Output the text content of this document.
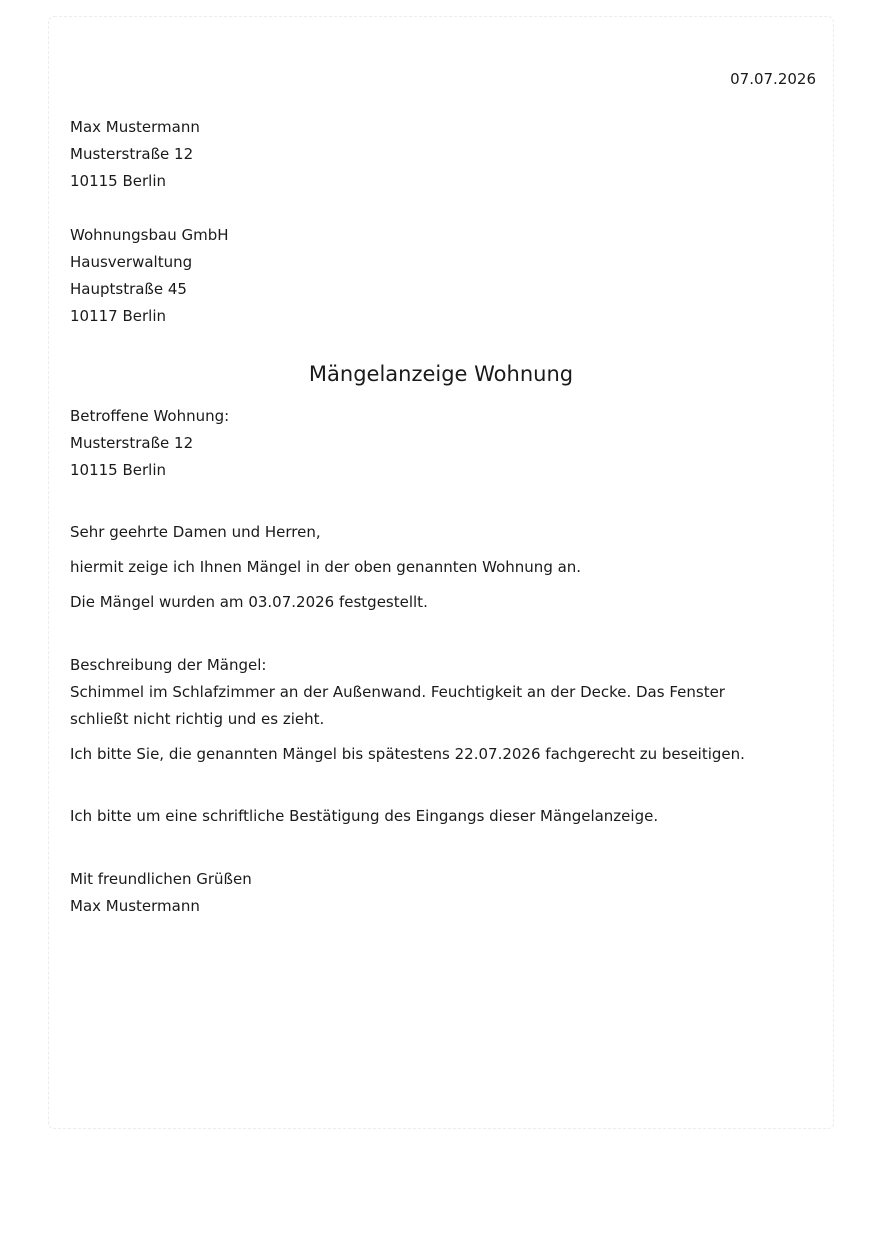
07.07.2026
Max Mustermann
Musterstraße 12
10115 Berlin
Wohnungsbau GmbH
Hausverwaltung
Hauptstraße 45
10117 Berlin
Mängelanzeige Wohnung
Betroffene Wohnung:
Musterstraße 12
10115 Berlin

Sehr geehrte Damen und Herren,

hiermit zeige ich Ihnen Mängel in der oben genannten Wohnung an.

Die Mängel wurden am 03.07.2026 festgestellt.

Beschreibung der Mängel:

Schimmel im Schlafzimmer an der Außenwand. Feuchtigkeit an der Decke. Das Fenster schließt nicht richtig und es zieht.

Ich bitte Sie, die genannten Mängel bis spätestens 22.07.2026 fachgerecht zu beseitigen.

Ich bitte um eine schriftliche Bestätigung des Eingangs dieser Mängelanzeige.

Mit freundlichen Grüßen
Max Mustermann
